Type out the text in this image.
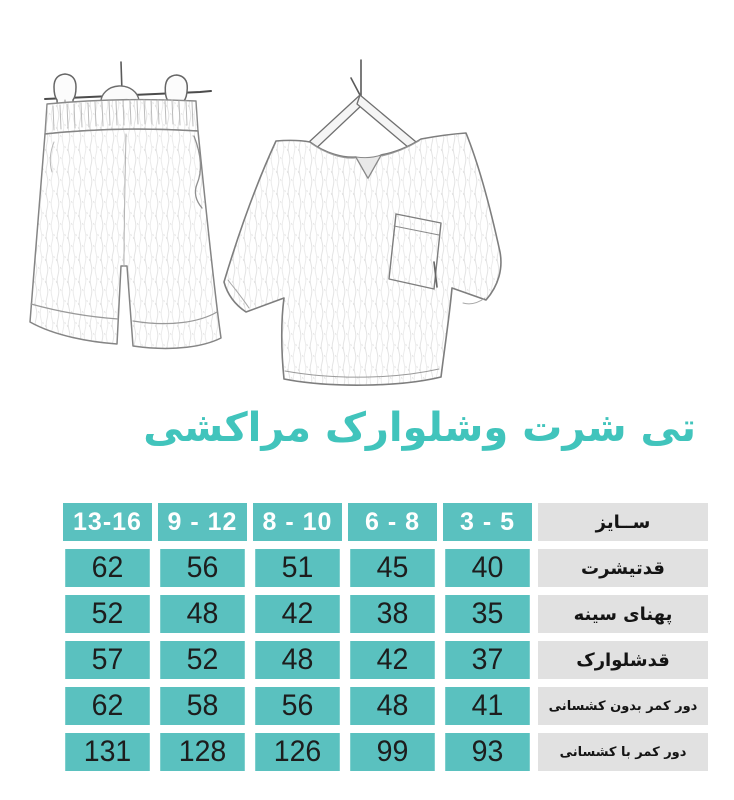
تی شرت وشلوارک مراکشی
ســایز
3 - 5
6 - 8
8 - 10
9 - 12
13-16
قدتیشرت
40
45
51
56
62
پهنای سینه
35
38
42
48
52
قدشلوارک
37
42
48
52
57
دور کمر بدون کشسانی
41
48
56
58
62
دور کمر با کشسانی
93
99
126
128
131
